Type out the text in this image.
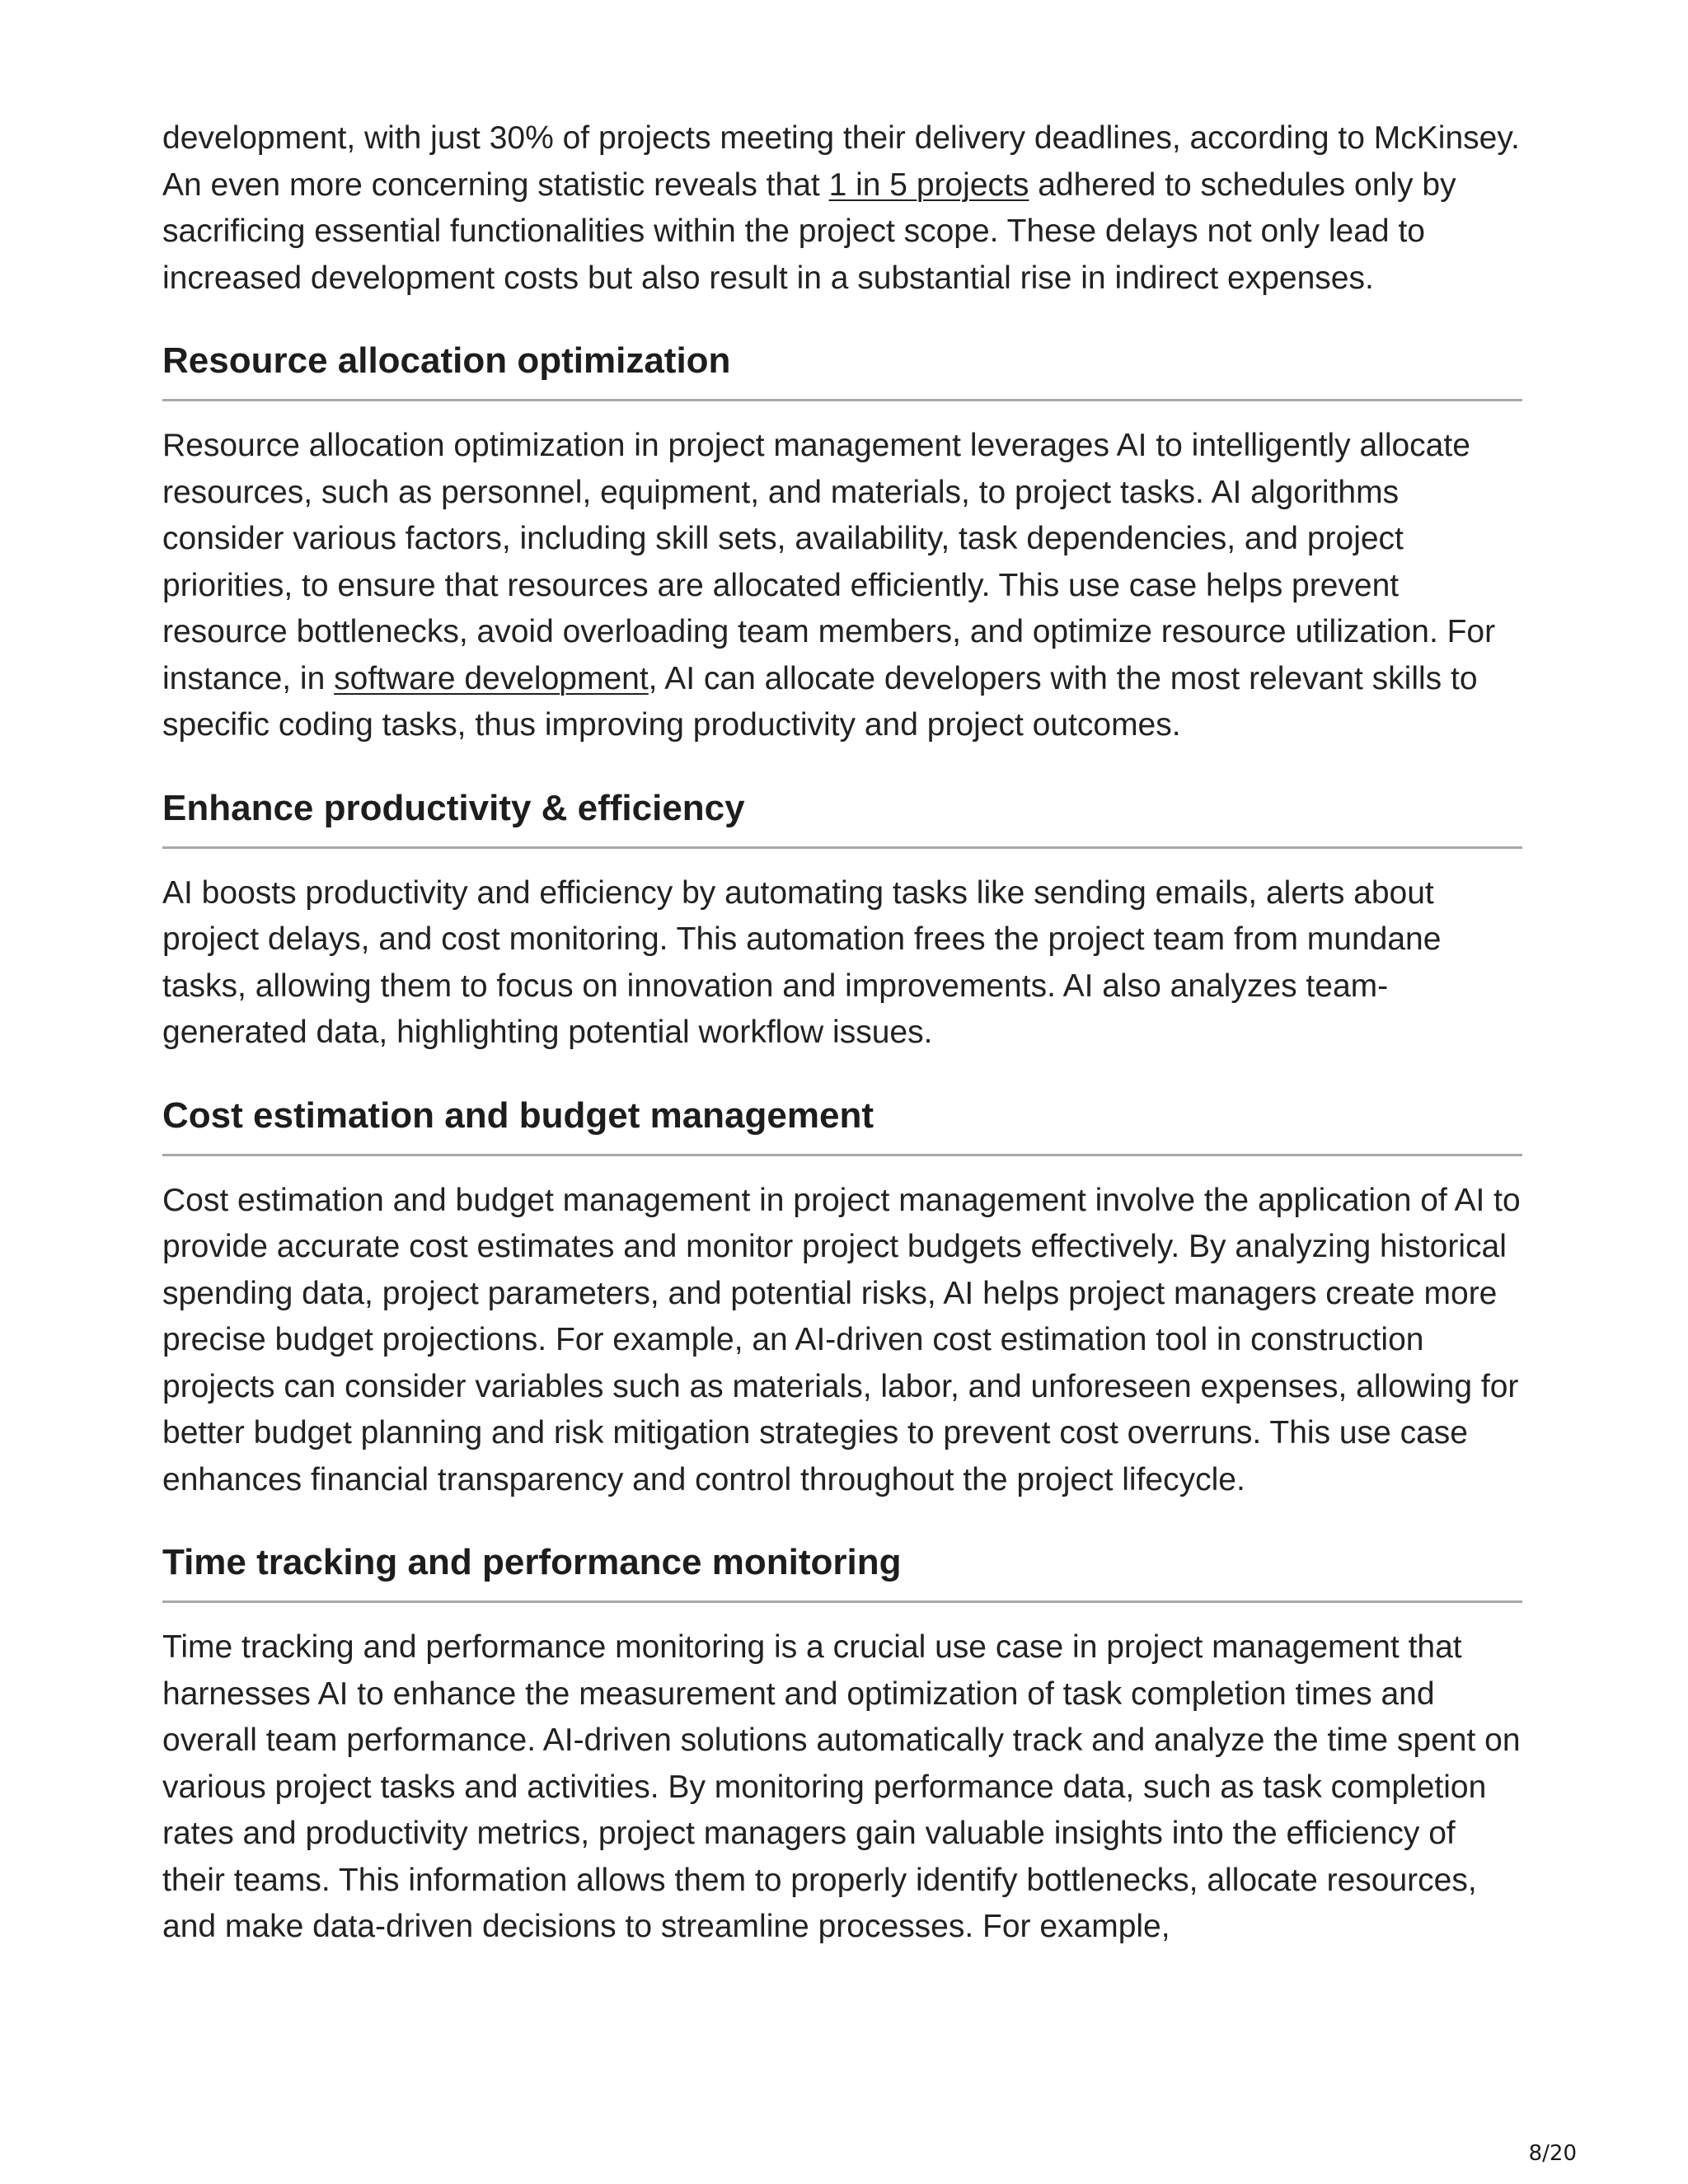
development, with just 30% of projects meeting their delivery deadlines, according to McKinsey. An even more concerning statistic reveals that 1 in 5 projects adhered to schedules only by sacrificing essential functionalities within the project scope. These delays not only lead to increased development costs but also result in a substantial rise in indirect expenses.

Resource allocation optimization

Resource allocation optimization in project management leverages AI to intelligently allocate resources, such as personnel, equipment, and materials, to project tasks. AI algorithms consider various factors, including skill sets, availability, task dependencies, and project priorities, to ensure that resources are allocated efficiently. This use case helps prevent resource bottlenecks, avoid overloading team members, and optimize resource utilization. For instance, in software development, AI can allocate developers with the most relevant skills to specific coding tasks, thus improving productivity and project outcomes.

Enhance productivity & efficiency

AI boosts productivity and efficiency by automating tasks like sending emails, alerts about project delays, and cost monitoring. This automation frees the project team from mundane tasks, allowing them to focus on innovation and improvements. AI also analyzes team-generated data, highlighting potential workflow issues.

Cost estimation and budget management

Cost estimation and budget management in project management involve the application of AI to provide accurate cost estimates and monitor project budgets effectively. By analyzing historical spending data, project parameters, and potential risks, AI helps project managers create more precise budget projections. For example, an AI-driven cost estimation tool in construction projects can consider variables such as materials, labor, and unforeseen expenses, allowing for better budget planning and risk mitigation strategies to prevent cost overruns. This use case enhances financial transparency and control throughout the project lifecycle.

Time tracking and performance monitoring

Time tracking and performance monitoring is a crucial use case in project management that harnesses AI to enhance the measurement and optimization of task completion times and overall team performance. AI-driven solutions automatically track and analyze the time spent on various project tasks and activities. By monitoring performance data, such as task completion rates and productivity metrics, project managers gain valuable insights into the efficiency of their teams. This information allows them to properly identify bottlenecks, allocate resources, and make data-driven decisions to streamline processes. For example,

8/20
